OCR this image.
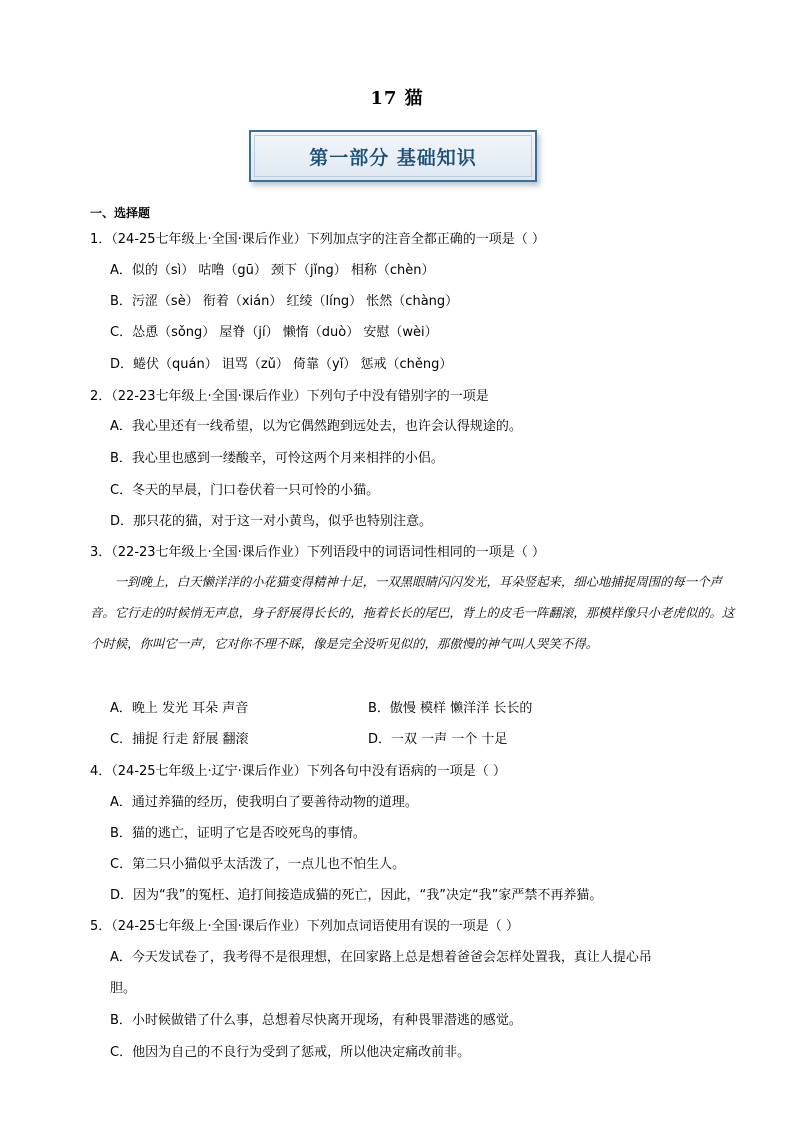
17 猫
第一部分 基础知识
一、选择题
1．（24-25七年级上·全国·课后作业）下列加点字的注音全都正确的一项是（ ）
A．似的（sì） 咕噜（gū） 颈下（jǐng） 相称（chèn）
B．污涩（sè） 衔着（xián） 红绫（líng） 怅然（chàng）
C．怂恿（sǒng） 屋脊（jí） 懒惰（duò） 安慰（wèi）
D．蜷伏（quán） 诅骂（zǔ） 倚靠（yǐ） 惩戒（chěng）
2．（22-23七年级上·全国·课后作业）下列句子中没有错别字的一项是
A．我心里还有一线希望，以为它偶然跑到远处去，也许会认得规途的。
B．我心里也感到一缕酸辛，可怜这两个月来相拌的小侣。
C．冬天的早晨，门口卷伏着一只可怜的小猫。
D．那只花的猫，对于这一对小黄鸟，似乎也特别注意。
3．（22-23七年级上·全国·课后作业）下列语段中的词语词性相同的一项是（ ）
一到晚上，白天懒洋洋的小花猫变得精神十足，一双黑眼睛闪闪发光，耳朵竖起来，细心地捕捉周围的每一个声音。它行走的时候悄无声息，身子舒展得长长的，拖着长长的尾巴，背上的皮毛一阵翻滚，那模样像只小老虎似的。这个时候，你叫它一声，它对你不理不睬，像是完全没听见似的，那傲慢的神气叫人哭笑不得。
A．晚上 发光 耳朵 声音	B．傲慢 模样 懒洋洋 长长的
C．捕捉 行走 舒展 翻滚	D．一双 一声 一个 十足
4．（24-25七年级上·辽宁·课后作业）下列各句中没有语病的一项是（ ）
A．通过养猫的经历，使我明白了要善待动物的道理。
B．猫的逃亡，证明了它是否咬死鸟的事情。
C．第二只小猫似乎太活泼了，一点儿也不怕生人。
D．因为“我”的冤枉、追打间接造成猫的死亡，因此，“我”决定“我”家严禁不再养猫。
5．（24-25七年级上·全国·课后作业）下列加点词语使用有误的一项是（ ）
A．今天发试卷了，我考得不是很理想，在回家路上总是想着爸爸会怎样处置我，真让人提心吊
胆。
B．小时候做错了什么事，总想着尽快离开现场，有种畏罪潜逃的感觉。
C．他因为自己的不良行为受到了惩戒，所以他决定痛改前非。
